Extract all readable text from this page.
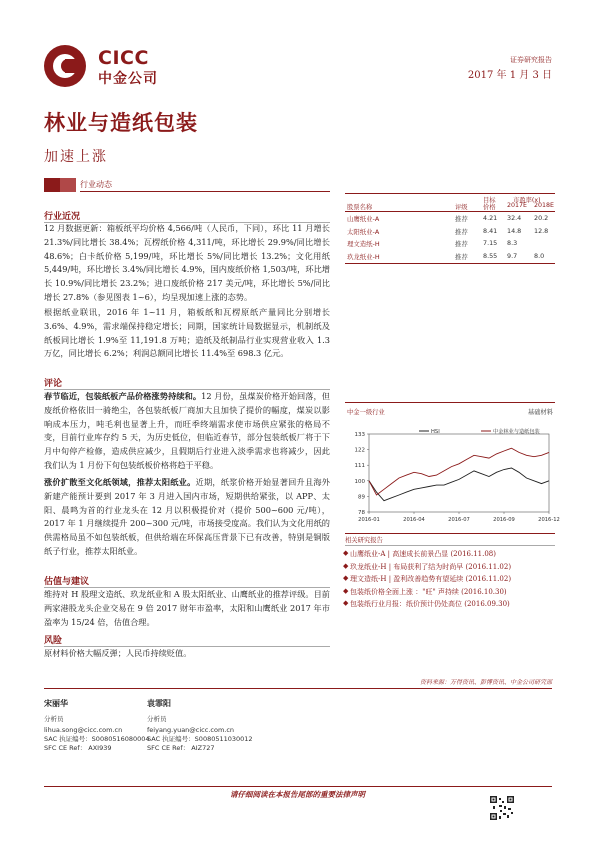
CICC
中金公司
证券研究报告
2017 年 1 月 3 日
林业与造纸包装
加速上涨
行业动态
行业近况
12 月数据更新：箱板纸平均价格 4,566/吨（人民币，下同），环比 11 月增长 21.3%/同比增长 38.4%；瓦楞纸价格 4,311/吨，环比增长 29.9%/同比增长 48.6%；白卡纸价格 5,199/吨，环比增长 5%/同比增长 13.2%；文化用纸 5,449/吨，环比增长 3.4%/同比增长 4.9%，国内废纸价格 1,503/吨，环比增长 10.9%/同比增长 23.2%；进口废纸价格 217 美元/吨，环比增长 5%/同比增长 27.8%（参见图表 1~6），均呈现加速上涨的态势。
根据纸业联讯，2016 年 1~11 月，箱板纸和瓦楞原纸产量同比分别增长 3.6%、4.9%，需求端保持稳定增长；同期，国家统计局数据显示，机制纸及纸板同比增长 1.9%至 11,191.8 万吨；造纸及纸制品行业实现营业收入 1.3 万亿，同比增长 6.2%；利润总额同比增长 11.4%至 698.3 亿元。
评论
春节临近，包装纸板产品价格涨势持续和。12 月份，虽煤炭价格开始回落，但废纸价格依旧一骑绝尘，各包装纸板厂商加大且加快了提价的幅度，煤炭以影响成本压力，吨毛利也显著上升，而旺季终端需求使市场供应紧张的格局不变，目前行业库存约 5 天，为历史低位，但临近春节，部分包装纸板厂将于下月中旬停产检修，造成供应减少，且假期后行业进入淡季需求也将减少，因此我们认为 1 月份下旬包装纸板价格将趋于平稳。
涨价扩散至文化纸领域，推荐太阳纸业。近期，纸浆价格开始显著回升且海外新建产能预计要到 2017 年 3 月进入国内市场，短期供给紧张，以 APP、太阳、晨鸣为首的行业龙头在 12 月以积极提价对（提价 500~600 元/吨），2017 年 1 月继续提升 200~300 元/吨，市场接受度高。我们认为文化用纸的供需格局虽不如包装纸板，但供给端在环保高压背景下已有改善，特别是铜版纸子行业，推荐太阳纸业。
估值与建议
维持对 H 股理文造纸、玖龙纸业和 A 股太阳纸业、山鹰纸业的推荐评级。目前两家港股龙头企业交易在 9 倍 2017 财年市盈率，太阳和山鹰纸业 2017 年市盈率为 15/24 倍，估值合理。
风险
原材料价格大幅反弹；人民币持续贬值。
目标	市盈率(x)
股票名称	评级 价格 2017E 2018E
山鹰纸业-A	推荐 4.21 32.4 20.2
太阳纸业-A	推荐 8.41 14.8 12.8
理文造纸-H	推荐 7.15 8.3
玖龙纸业-H	推荐 8.55 9.7	8.0
中金一级行业	基础材料
133
122
111
100
89
78
2016-01	2016-04	2016-07	2016-09	2016-12
HSI	中金林业与造纸包装
相关研究报告
◆ 山鹰纸业-A | 高速成长前景凸显 (2016.11.08)
◆ 玖龙纸业-H | 布局获利了结为时尚早 (2016.11.02)
◆ 理文造纸-H | 盈利改善趋势有望延续 (2016.11.02)
◆ 包装纸价格全面上涨 ："旺" 声持续 (2016.10.30)
◆ 包装纸行业月报：纸价预计仍处高位 (2016.09.30)
资料来源：万得资讯、彭博资讯、中金公司研究部
宋丽华
分析员
lihua.song@cicc.com.cn
SAC 执证编号：S0080516080004
SFC CE Ref： AXI939
袁霏阳
分析员
feiyang.yuan@cicc.com.cn
SAC 执证编号：S0080511030012
SFC CE Ref： AIZ727
请仔细阅读在本报告尾部的重要法律声明
